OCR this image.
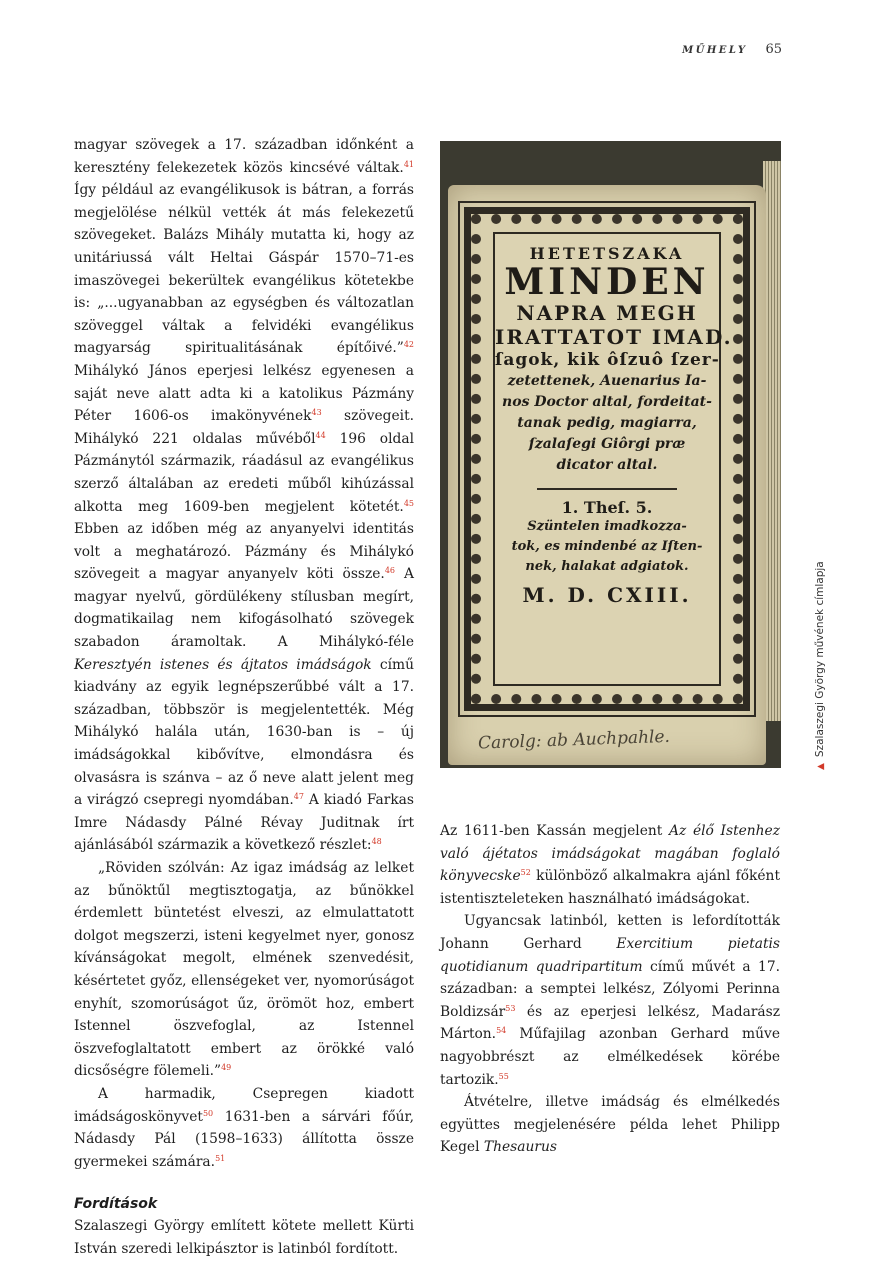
MŰHELY 65

magyar szövegek a 17. században időnként a keresztény felekezetek közös kincsévé váltak.$^{41}$ Így például az evangélikusok is bátran, a forrás megjelölése nélkül vették át más felekezetű szövegeket. Balázs Mihály mutatta ki, hogy az unitáriussá vált Heltai Gáspár 1570–71-es imaszövegei bekerültek evangélikus kötetekbe is: „...ugyanabban az egységben és változatlan szöveggel váltak a felvidéki evangélikus magyarság spiritualitásának építőivé.”$^{42}$ Mihálykó János eperjesi lelkész egyenesen a saját neve alatt adta ki a katolikus Pázmány Péter 1606-os imakönyvének$^{43}$ szövegeit. Mihálykó 221 oldalas művéből$^{44}$ 196 oldal Pázmánytól származik, ráadásul az evangélikus szerző általában az eredeti műből kihúzással alkotta meg 1609-ben megjelent kötetét.$^{45}$ Ebben az időben még az anyanyelvi identitás volt a meghatározó. Pázmány és Mihálykó szövegeit a magyar anyanyelv köti össze.$^{46}$ A magyar nyelvű, gördülékeny stílusban megírt, dogmatikailag nem kifogásolható szövegek szabadon áramoltak. A Mihálykó-féle Keresztyén istenes és ájtatos imádságok című kiadvány az egyik legnépszerűbbé vált a 17. században, többször is megjelentették. Még Mihálykó halála után, 1630-ban is – új imádságokkal kibővítve, elmondásra és olvasásra is szánva – az ő neve alatt jelent meg a virágzó csepregi nyomdában.$^{47}$ A kiadó Farkas Imre Nádasdy Pálné Révay Juditnak írt ajánlásából származik a következő részlet:$^{48}$

„Röviden szólván: Az igaz imádság az lelket az bűnöktűl megtisztogatja, az bűnökkel érdemlett büntetést elveszi, az elmulattatott dolgot megszerzi, isteni kegyelmet nyer, gonosz kívánságokat megolt, elmének szenvedésit, késértetet győz, ellenségeket ver, nyomorúságot enyhít, szomorúságot űz, örömöt hoz, embert Istennel öszvefoglal, az Istennel öszvefoglaltatott embert az örökké való dicsőségre fölemeli.”$^{49}$

A harmadik, Csepregen kiadott imádságoskönyvet$^{50}$ 1631-ben a sárvári főúr, Nádasdy Pál (1598–1633) állította össze gyermekei számára.$^{51}$

Fordítások

Szalaszegi György említett kötete mellett Kürti István szeredi lelkipásztor is latinból fordított.

HETETSZAKA
MINDEN
NAPRA MEGH
IRATTATOT IMAD.
ſagok, kik ôſzuô ſzer-
zetettenek, Auenarius Ia-
nos Doctor altal, fordeitat-
tanak pedig, magiarra,
ſzalaſegi Giôrgi præ
dicator altal.
1. Theſ. 5.
Szüntelen imadkozza-
tok, es mindenbé az Iſten-
nek, halakat adgiatok.
M. D. CXIII.
Carolg: ab Auchpahle.
▲Szalaszegi György művének címlapja

Az 1611-ben Kassán megjelent Az élő Istenhez való ájétatos imádságokat magában foglaló könyvecske$^{52}$ különböző alkalmakra ajánl főként istentiszteleteken használható imádságokat.

Ugyancsak latinból, ketten is lefordították Johann Gerhard Exercitium pietatis quotidianum quadripartitum című művét a 17. században: a semptei lelkész, Zólyomi Perinna Boldizsár$^{53}$ és az eperjesi lelkész, Madarász Márton.$^{54}$ Műfajilag azonban Gerhard műve nagyobbrészt az elmélkedések körébe tartozik.$^{55}$

Átvételre, illetve imádság és elmélkedés együttes megjelenésére példa lehet Philipp Kegel Thesaurus
